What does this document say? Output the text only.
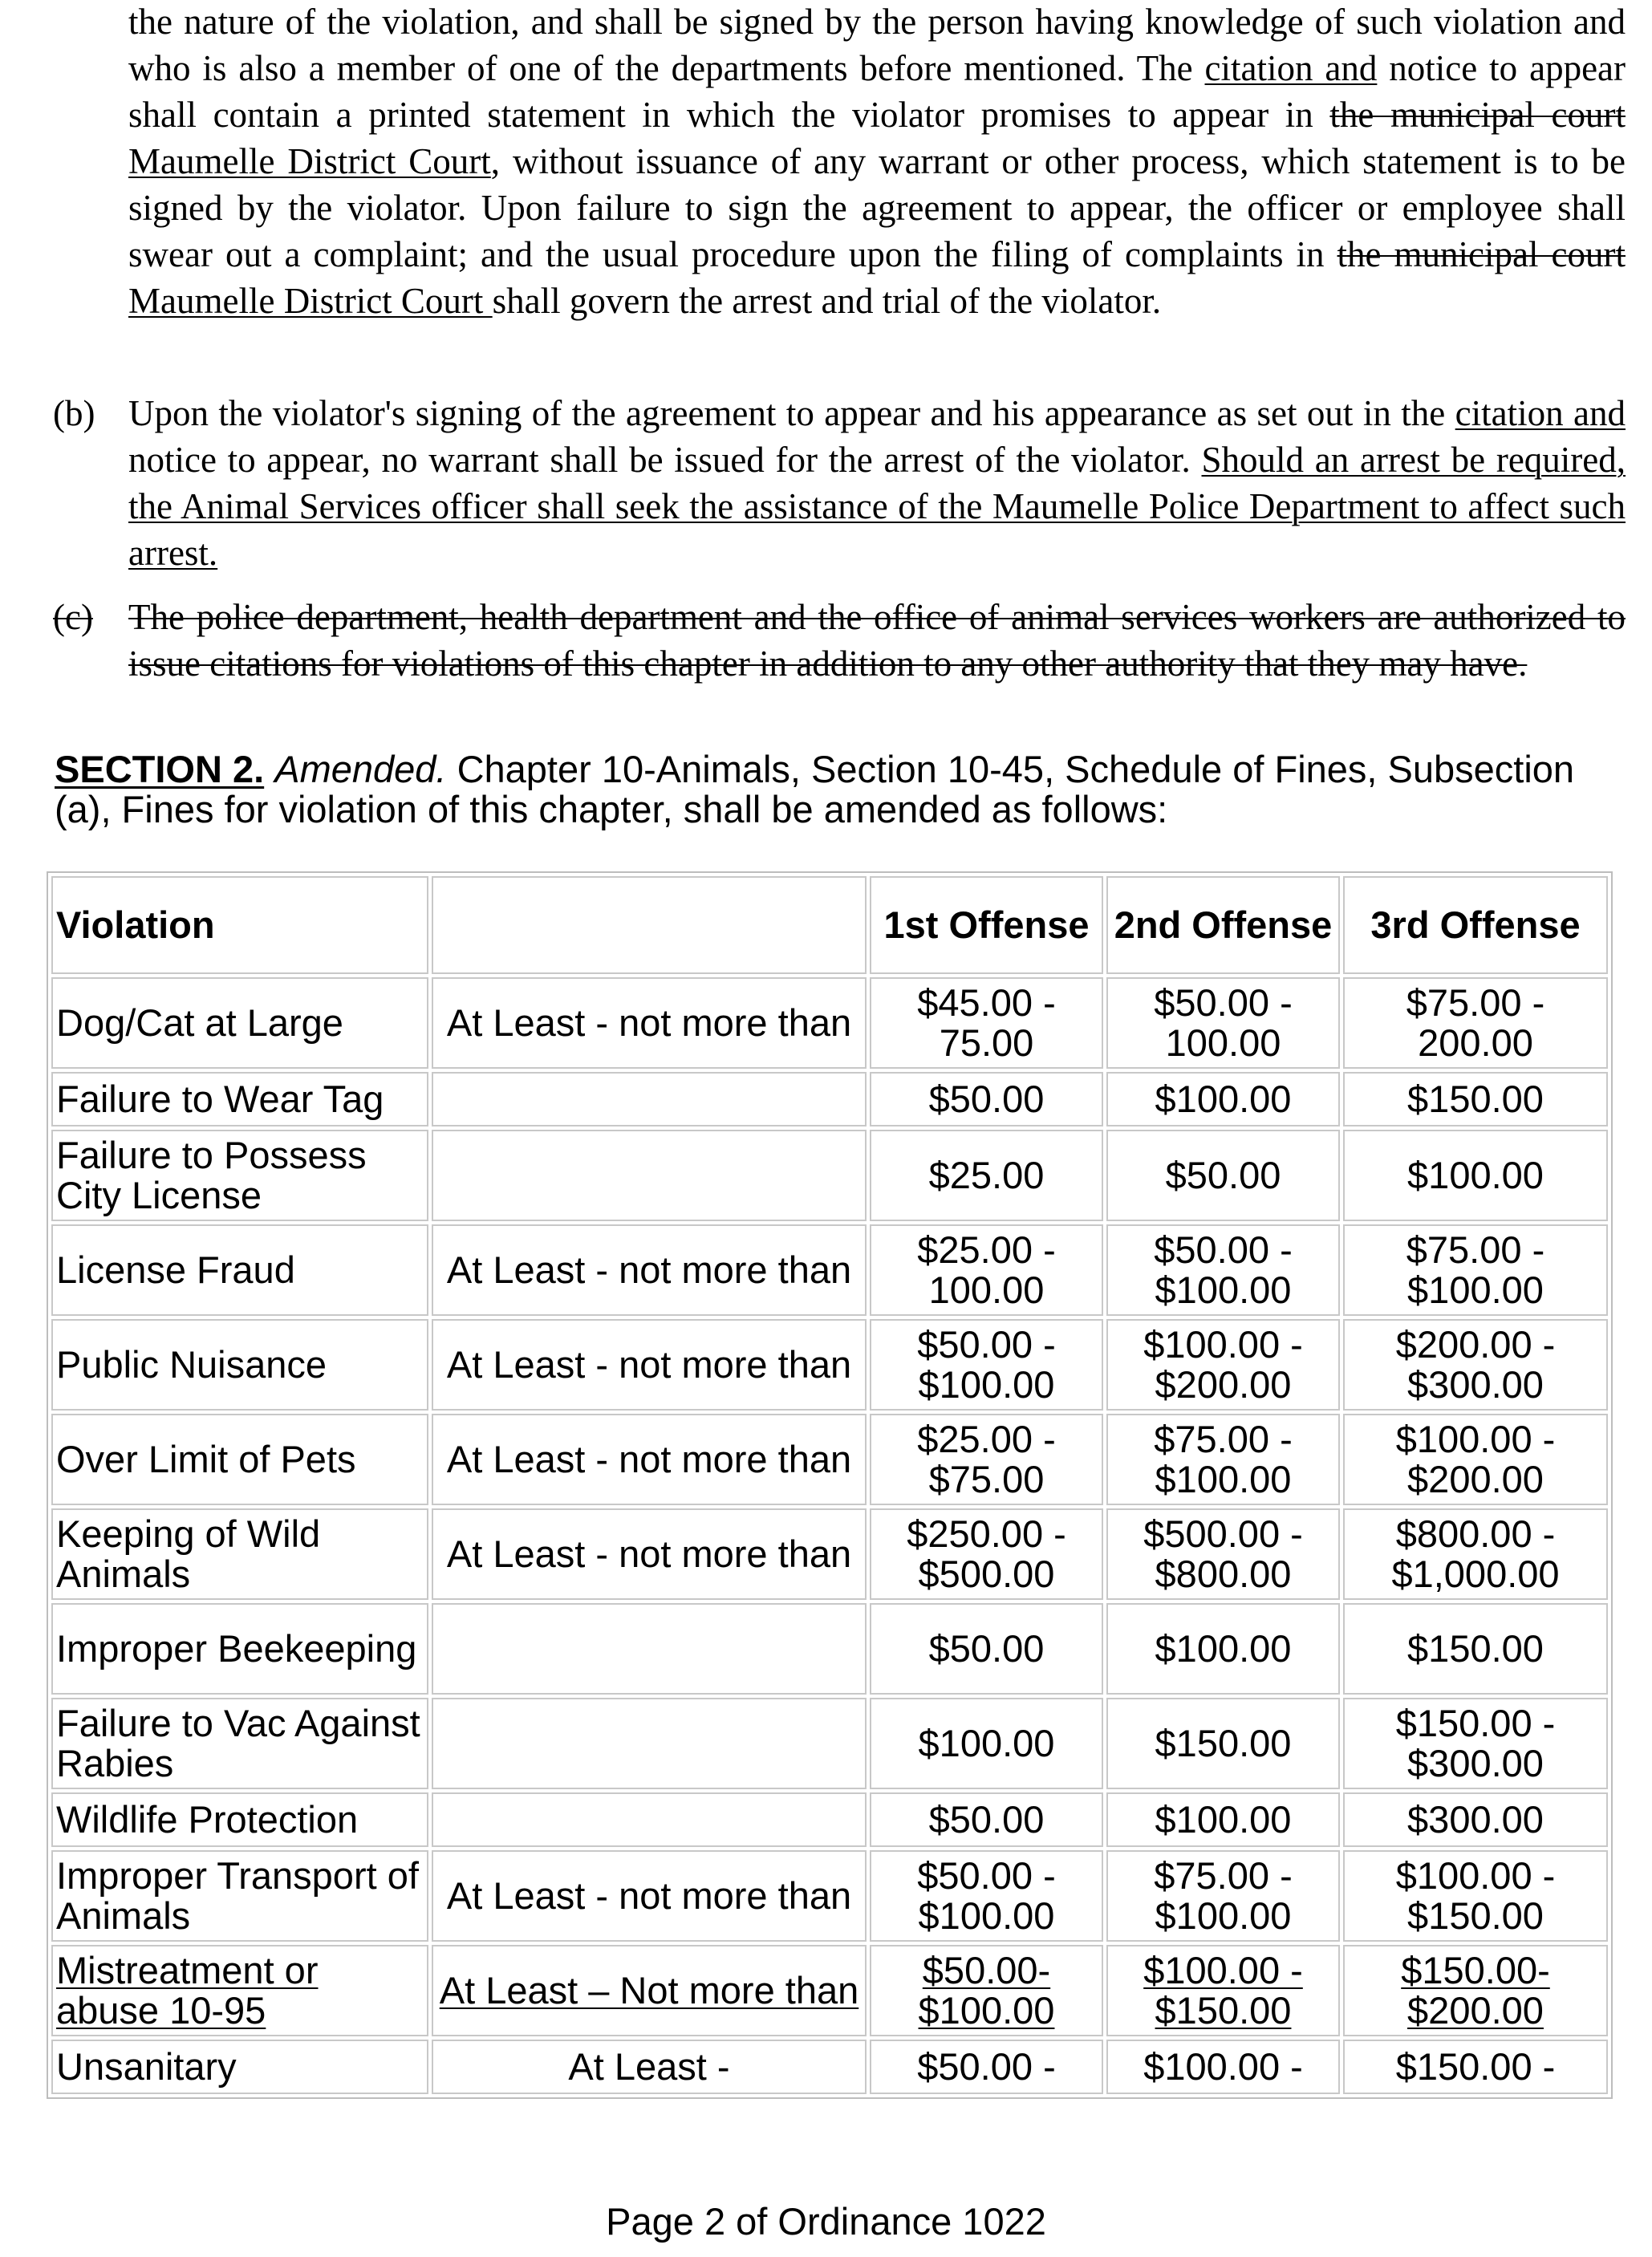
the nature of the violation, and shall be signed by the person having knowledge of such violation and who is also a member of one of the departments before mentioned. The citation and notice to appear shall contain a printed statement in which the violator promises to appear in the municipal court Maumelle District Court, without issuance of any warrant or other process, which statement is to be signed by the violator. Upon failure to sign the agreement to appear, the officer or employee shall swear out a complaint; and the usual procedure upon the filing of complaints in the municipal court Maumelle District Court shall govern the arrest and trial of the violator.
(b) Upon the violator's signing of the agreement to appear and his appearance as set out in the citation and notice to appear, no warrant shall be issued for the arrest of the violator. Should an arrest be required, the Animal Services officer shall seek the assistance of the Maumelle Police Department to affect such arrest.
(c) The police department, health department and the office of animal services workers are authorized to issue citations for violations of this chapter in addition to any other authority that they may have.
SECTION 2. Amended. Chapter 10-Animals, Section 10-45, Schedule of Fines, Subsection (a), Fines for violation of this chapter, shall be amended as follows:
Violation		1st Offense	2nd Offense	3rd Offense
Dog/Cat at Large	At Least - not more than	$45.00 - 75.00	$50.00 - 100.00	$75.00 - 200.00
Failure to Wear Tag		$50.00	$100.00	$150.00
Failure to Possess City License		$25.00	$50.00	$100.00
License Fraud	At Least - not more than	$25.00 - 100.00	$50.00 - $100.00	$75.00 - $100.00
Public Nuisance	At Least - not more than	$50.00 - $100.00	$100.00 - $200.00	$200.00 - $300.00
Over Limit of Pets	At Least - not more than	$25.00 - $75.00	$75.00 - $100.00	$100.00 - $200.00
Keeping of Wild Animals	At Least - not more than	$250.00 - $500.00	$500.00 - $800.00	$800.00 - $1,000.00
Improper Beekeeping		$50.00	$100.00	$150.00
Failure to Vac Against Rabies		$100.00	$150.00	$150.00 - $300.00
Wildlife Protection		$50.00	$100.00	$300.00
Improper Transport of Animals	At Least - not more than	$50.00 - $100.00	$75.00 - $100.00	$100.00 - $150.00
Mistreatment or abuse 10-95	At Least – Not more than	$50.00- $100.00	$100.00 - $150.00	$150.00- $200.00
Unsanitary	At Least -	$50.00 -	$100.00 -	$150.00 -
Page 2 of Ordinance 1022
